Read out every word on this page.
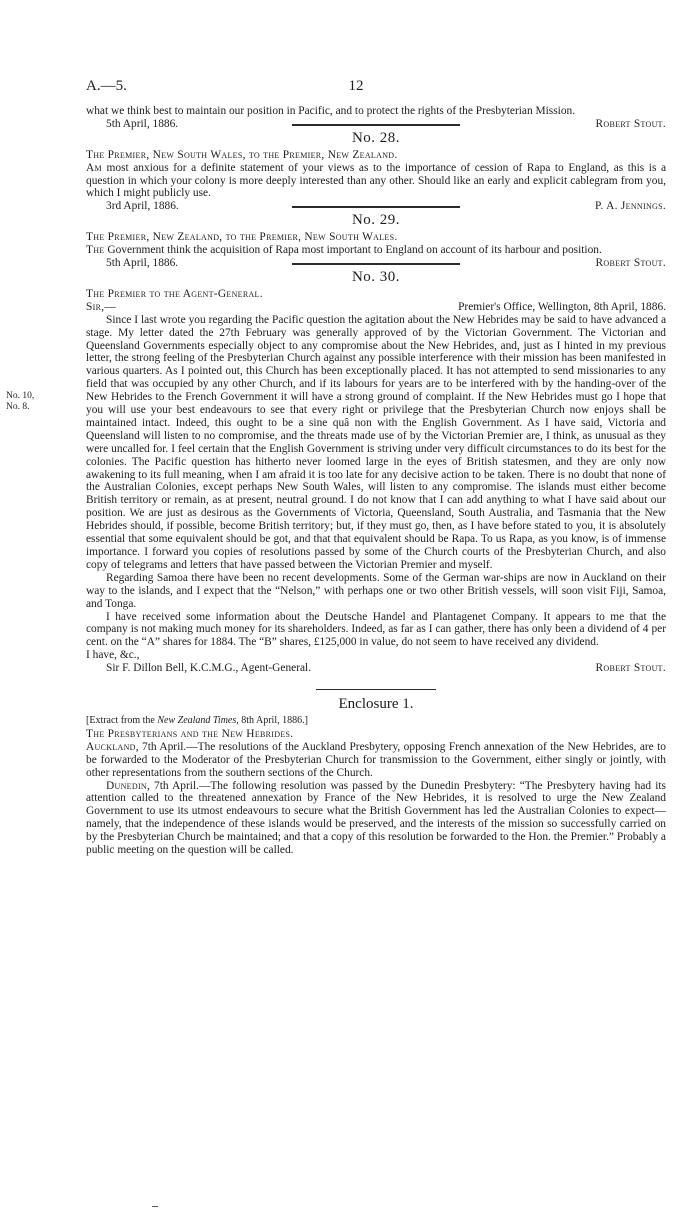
A.—5.	12
No. 10,
No. 8.

what we think best to maintain our position in Pacific, and to protect the rights of the Presbyterian Mission.

5th April, 1886.	Robert Stout.
No. 28.

The Premier, New South Wales, to the Premier, New Zealand.

Am most anxious for a definite statement of your views as to the importance of cession of Rapa to England, as this is a question in which your colony is more deeply interested than any other. Should like an early and explicit cablegram from you, which I might publicly use.

3rd April, 1886.	P. A. Jennings.
No. 29.

The Premier, New Zealand, to the Premier, New South Wales.

The Government think the acquisition of Rapa most important to England on account of its harbour and position.

5th April, 1886.	Robert Stout.
No. 30.

The Premier to the Agent-General.

Sir,—	Premier's Office, Wellington, 8th April, 1886.

Since I last wrote you regarding the Pacific question the agitation about the New Hebrides may be said to have advanced a stage. My letter dated the 27th February was generally approved of by the Victorian Government. The Victorian and Queensland Governments especially object to any compromise about the New Hebrides, and, just as I hinted in my previous letter, the strong feeling of the Presbyterian Church against any possible interference with their mission has been manifested in various quarters. As I pointed out, this Church has been exceptionally placed. It has not attempted to send missionaries to any field that was occupied by any other Church, and if its labours for years are to be interfered with by the handing-over of the New Hebrides to the French Government it will have a strong ground of complaint. If the New Hebrides must go I hope that you will use your best endeavours to see that every right or privilege that the Presbyterian Church now enjoys shall be maintained intact. Indeed, this ought to be a sine quâ non with the English Government. As I have said, Victoria and Queensland will listen to no compromise, and the threats made use of by the Victorian Premier are, I think, as unusual as they were uncalled for. I feel certain that the English Government is striving under very difficult circumstances to do its best for the colonies. The Pacific question has hitherto never loomed large in the eyes of British statesmen, and they are only now awakening to its full meaning, when I am afraid it is too late for any decisive action to be taken. There is no doubt that none of the Australian Colonies, except perhaps New South Wales, will listen to any compromise. The islands must either become British territory or remain, as at present, neutral ground. I do not know that I can add anything to what I have said about our position. We are just as desirous as the Governments of Victoria, Queensland, South Australia, and Tasmania that the New Hebrides should, if possible, become British territory; but, if they must go, then, as I have before stated to you, it is absolutely essential that some equivalent should be got, and that that equivalent should be Rapa. To us Rapa, as you know, is of immense importance. I forward you copies of resolutions passed by some of the Church courts of the Presbyterian Church, and also copy of telegrams and letters that have passed between the Victorian Premier and myself.

Regarding Samoa there have been no recent developments. Some of the German war-ships are now in Auckland on their way to the islands, and I expect that the “Nelson,” with perhaps one or two other British vessels, will soon visit Fiji, Samoa, and Tonga.

I have received some information about the Deutsche Handel and Plantagenet Company. It appears to me that the company is not making much money for its shareholders. Indeed, as far as I can gather, there has only been a dividend of 4 per cent. on the “A” shares for 1884. The “B” shares, £125,000 in value, do not seem to have received any dividend.

I have, &c.,

Sir F. Dillon Bell, K.C.M.G., Agent-General.	Robert Stout.
Enclosure 1.

[Extract from the New Zealand Times, 8th April, 1886.]

The Presbyterians and the New Hebrides.

Auckland, 7th April.—The resolutions of the Auckland Presbytery, opposing French annexation of the New Hebrides, are to be forwarded to the Moderator of the Presbyterian Church for transmission to the Government, either singly or jointly, with other representations from the southern sections of the Church.

Dunedin, 7th April.—The following resolution was passed by the Dunedin Presbytery: “The Presbytery having had its attention called to the threatened annexation by France of the New Hebrides, it is resolved to urge the New Zealand Government to use its utmost endeavours to secure what the British Government has led the Australian Colonies to expect—namely, that the independence of these islands would be preserved, and the interests of the mission so successfully carried on by the Presbyterian Church be maintained; and that a copy of this resolution be forwarded to the Hon. the Premier.” Probably a public meeting on the question will be called.
